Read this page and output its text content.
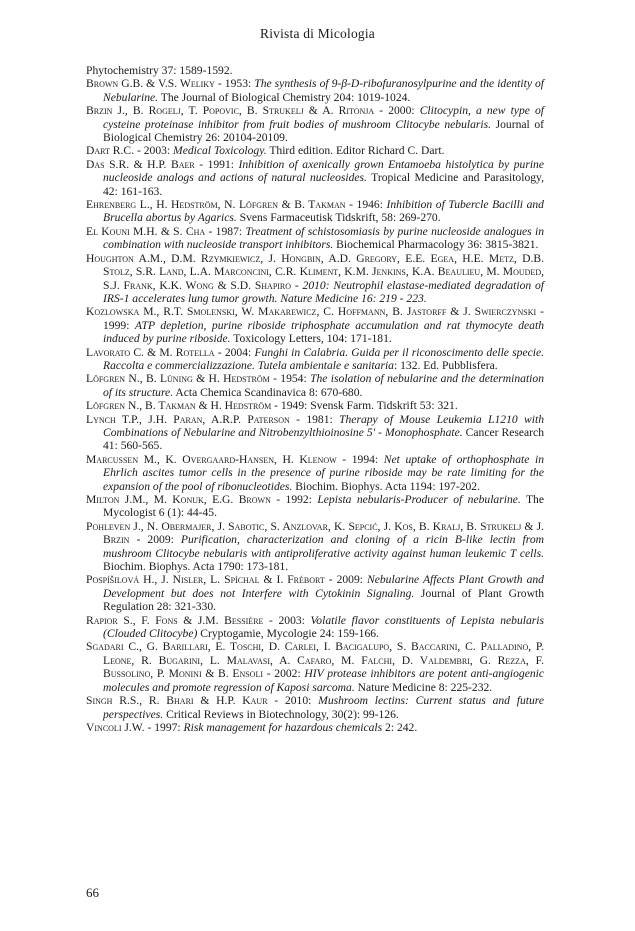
Rivista di Micologia

Phytochemistry 37: 1589-1592.

Brown G.B. & V.S. Weliky - 1953: The synthesis of 9-β-D-ribofuranosylpurine and the identity of Nebularine. The Journal of Biological Chemistry 204: 1019-1024.

Brzin J., B. Rogelj, T. Popovic, B. Strukelj & A. Ritonja - 2000: Clitocypin, a new type of cysteine proteinase inhibitor from fruit bodies of mushroom Clitocybe nebularis. Journal of Biological Chemistry 26: 20104-20109.

Dart R.C. - 2003: Medical Toxicology. Third edition. Editor Richard C. Dart.

Das S.R. & H.P. Baer - 1991: Inhibition of axenically grown Entamoeba histolytica by purine nucleoside analogs and actions of natural nucleosides. Tropical Medicine and Parasitology, 42: 161-163.

Ehrenberg L., H. Hedström, N. Löfgren & B. Takman - 1946: Inhibition of Tubercle Bacilli and Brucella abortus by Agarics. Svens Farmaceutisk Tidskrift, 58: 269-270.

El Kouni M.H. & S. Cha - 1987: Treatment of schistosomiasis by purine nucleoside analogues in combination with nucleoside transport inhibitors. Biochemical Pharmacology 36: 3815-3821.

Houghton A.M., D.M. Rzymkiewicz, J. Hongbin, A.D. Gregory, E.E. Egea, H.E. Metz, D.B. Stolz, S.R. Land, L.A. Marconcini, C.R. Kliment, K.M. Jenkins, K.A. Beaulieu, M. Mouded, S.J. Frank, K.K. Wong & S.D. Shapiro - 2010: Neutrophil elastase-mediated degradation of IRS-1 accelerates lung tumor growth. Nature Medicine 16: 219 - 223.

Kozlowska M., R.T. Smolenski, W. Makarewicz, C. Hoffmann, B. Jastorff & J. Swierczynski - 1999: ATP depletion, purine riboside triphosphate accumulation and rat thymocyte death induced by purine riboside. Toxicology Letters, 104: 171-181.

Lavorato C. & M. Rotella - 2004: Funghi in Calabria. Guida per il riconoscimento delle specie. Raccolta e commercializzazione. Tutela ambientale e sanitaria: 132. Ed. Pubblisfera.

Löfgren N., B. Lüning & H. Hedström - 1954: The isolation of nebularine and the determination of its structure. Acta Chemica Scandinavica 8: 670-680.

Löfgren N., B. Takman & H. Hedström - 1949: Svensk Farm. Tidskrift 53: 321.

Lynch T.P., J.H. Paran, A.R.P. Paterson - 1981: Therapy of Mouse Leukemia L1210 with Combinations of Nebularine and Nitrobenzylthioinosine 5' - Monophosphate. Cancer Research 41: 560-565.

Marcussen M., K. Overgaard-Hansen, H. Klenow - 1994: Net uptake of orthophosphate in Ehrlich ascites tumor cells in the presence of purine riboside may be rate limiting for the expansion of the pool of ribonucleotides. Biochim. Biophys. Acta 1194: 197-202.

Milton J.M., M. Konuk, E.G. Brown - 1992: Lepista nebularis-Producer of nebularine. The Mycologist 6 (1): 44-45.

Pohleven J., N. Obermajer, J. Sabotic, S. Anzlovar, K. Sepcić, J. Kos, B. Kralj, B. Strukelj & J. Brzin - 2009: Purification, characterization and cloning of a ricin B-like lectin from mushroom Clitocybe nebularis with antiproliferative activity against human leukemic T cells. Biochim. Biophys. Acta 1790: 173-181.

Pospíšilová H., J. Nisler, L. Spíchal & I. Frébort - 2009: Nebularine Affects Plant Growth and Development but does not Interfere with Cytokinin Signaling. Journal of Plant Growth Regulation 28: 321-330.

Rapior S., F. Fons & J.M. Bessière - 2003: Volatile flavor constituents of Lepista nebularis (Clouded Clitocybe) Cryptogamie, Mycologie 24: 159-166.

Sgadari C., G. Barillari, E. Toschi, D. Carlei, I. Bacigalupo, S. Baccarini, C. Palladino, P. Leone, R. Bugarini, L. Malavasi, A. Cafaro, M. Falchi, D. Valdembri, G. Rezza, F. Bussolino, P. Monini & B. Ensoli - 2002: HIV protease inhibitors are potent anti-angiogenic molecules and promote regression of Kaposi sarcoma. Nature Medicine 8: 225-232.

Singh R.S., R. Bhari & H.P. Kaur - 2010: Mushroom lectins: Current status and future perspectives. Critical Reviews in Biotechnology, 30(2): 99-126.

Vincoli J.W. - 1997: Risk management for hazardous chemicals 2: 242.

66
